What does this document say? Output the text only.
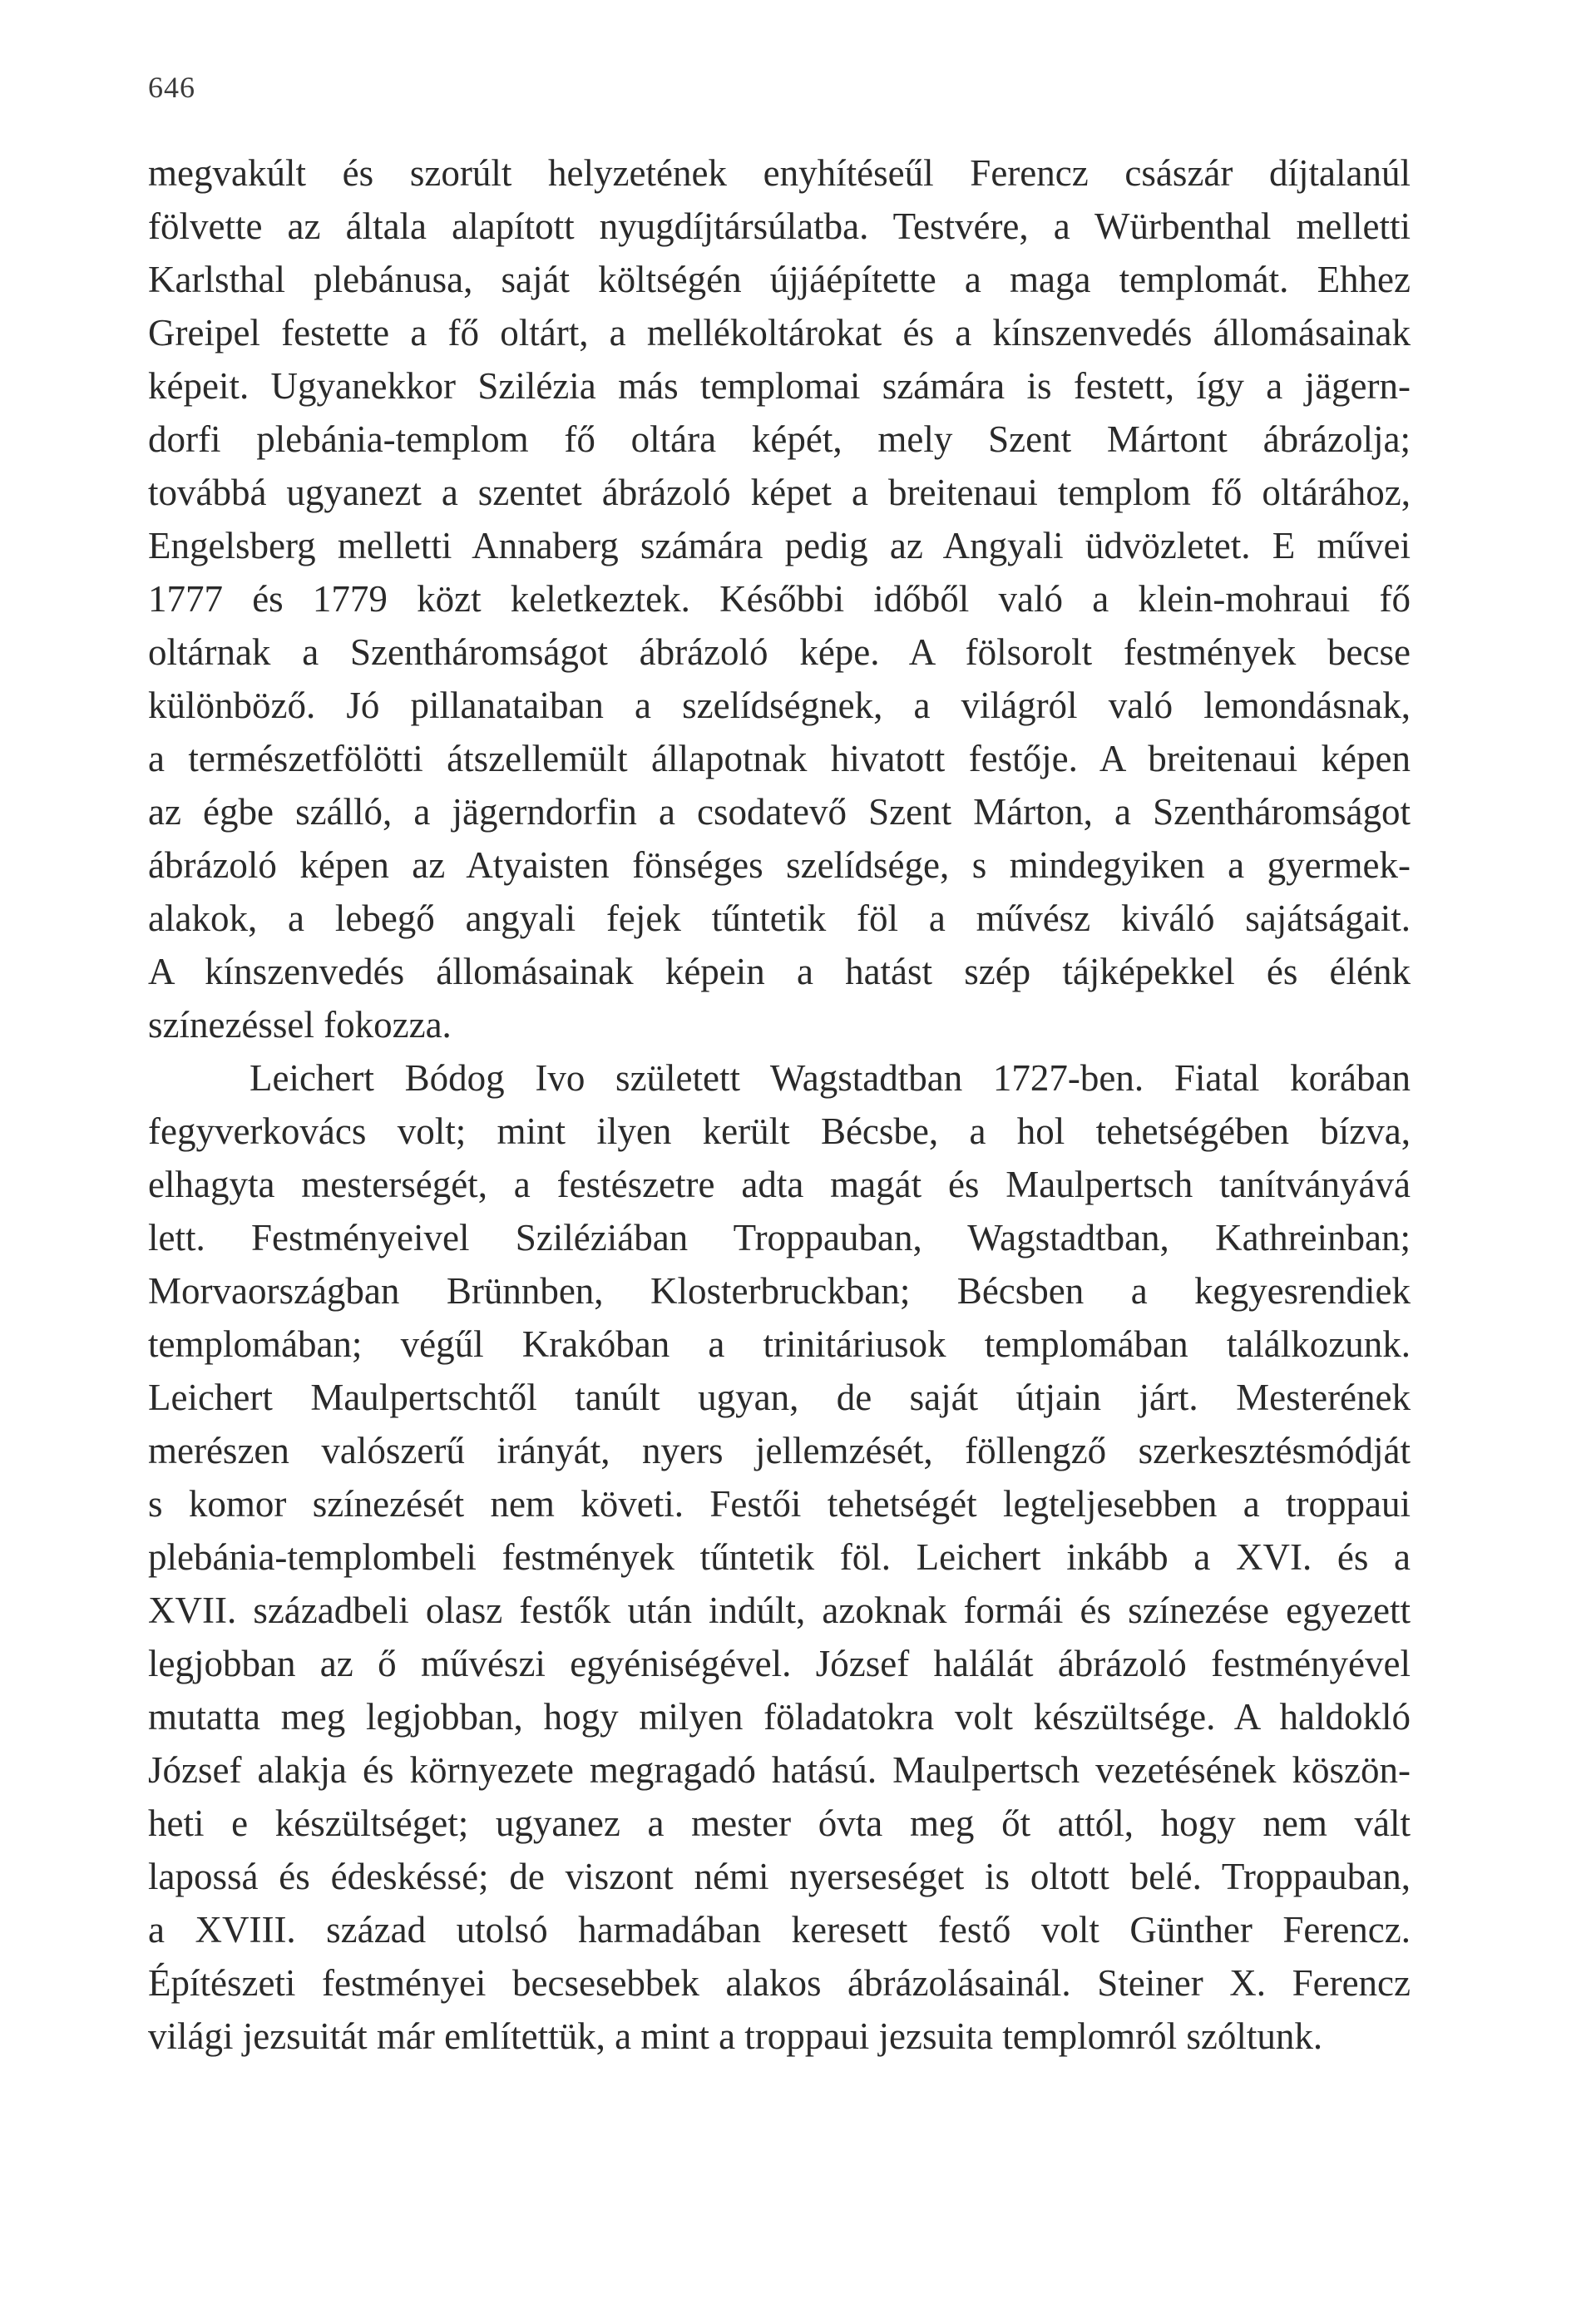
646
megvakúlt és szorúlt helyzetének enyhítéseűl Ferencz császár díjtalanúl
fölvette az általa alapított nyugdíjtársúlatba. Testvére, a Würbenthal melletti
Karlsthal plebánusa, saját költségén újjáépítette a maga templomát. Ehhez
Greipel festette a fő oltárt, a mellékoltárokat és a kínszenvedés állomásainak
képeit. Ugyanekkor Szilézia más templomai számára is festett, így a jägern-
dorfi plebánia-templom fő oltára képét, mely Szent Mártont ábrázolja;
továbbá ugyanezt a szentet ábrázoló képet a breitenaui templom fő oltárához,
Engelsberg melletti Annaberg számára pedig az Angyali üdvözletet. E művei
1777 és 1779 közt keletkeztek. Későbbi időből való a klein-mohraui fő
oltárnak a Szentháromságot ábrázoló képe. A fölsorolt festmények becse
különböző. Jó pillanataiban a szelídségnek, a világról való lemondásnak,
a természetfölötti átszellemült állapotnak hivatott festője. A breitenaui képen
az égbe szálló, a jägerndorfin a csodatevő Szent Márton, a Szentháromságot
ábrázoló képen az Atyaisten fönséges szelídsége, s mindegyiken a gyermek-
alakok, a lebegő angyali fejek tűntetik föl a művész kiváló sajátságait.
A kínszenvedés állomásainak képein a hatást szép tájképekkel és élénk
színezéssel fokozza.
Leichert Bódog Ivo született Wagstadtban 1727-ben. Fiatal korában
fegyverkovács volt; mint ilyen került Bécsbe, a hol tehetségében bízva,
elhagyta mesterségét, a festészetre adta magát és Maulpertsch tanítványává
lett. Festményeivel Sziléziában Troppauban, Wagstadtban, Kathreinban;
Morvaországban Brünnben, Klosterbruckban; Bécsben a kegyesrendiek
templomában; végűl Krakóban a trinitáriusok templomában találkozunk.
Leichert Maulpertschtől tanúlt ugyan, de saját útjain járt. Mesterének
merészen valószerű irányát, nyers jellemzését, föllengző szerkesztésmódját
s komor színezését nem követi. Festői tehetségét legteljesebben a troppaui
plebánia-templombeli festmények tűntetik föl. Leichert inkább a XVI. és a
XVII. századbeli olasz festők után indúlt, azoknak formái és színezése egyezett
legjobban az ő művészi egyéniségével. József halálát ábrázoló festményével
mutatta meg legjobban, hogy milyen föladatokra volt készültsége. A haldokló
József alakja és környezete megragadó hatású. Maulpertsch vezetésének köszön-
heti e készültséget; ugyanez a mester óvta meg őt attól, hogy nem vált
lapossá és édeskéssé; de viszont némi nyerseséget is oltott belé. Troppauban,
a XVIII. század utolsó harmadában keresett festő volt Günther Ferencz.
Építészeti festményei becsesebbek alakos ábrázolásainál. Steiner X. Ferencz
világi jezsuitát már említettük, a mint a troppaui jezsuita templomról szóltunk.
